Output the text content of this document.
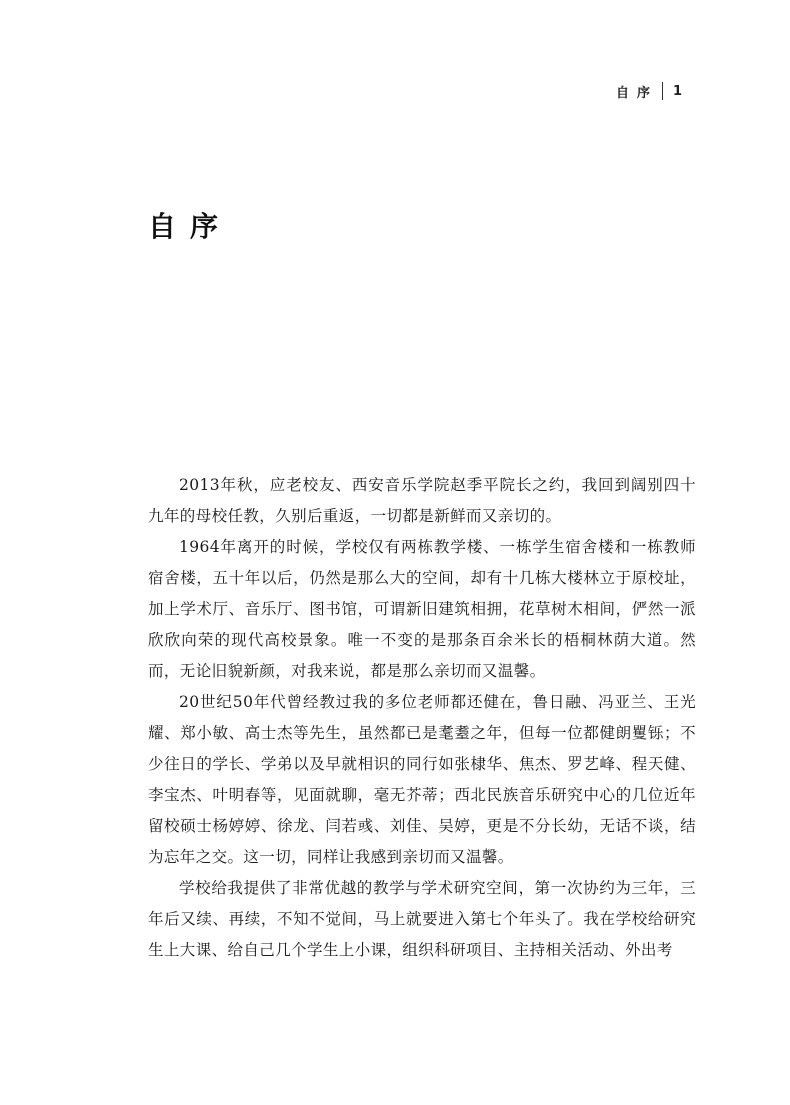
自序 1
自序

2013年秋，应老校友、西安音乐学院赵季平院长之约，我回到阔别四十九年的母校任教，久别后重返，一切都是新鲜而又亲切的。

1964年离开的时候，学校仅有两栋教学楼、一栋学生宿舍楼和一栋教师宿舍楼，五十年以后，仍然是那么大的空间，却有十几栋大楼林立于原校址，加上学术厅、音乐厅、图书馆，可谓新旧建筑相拥，花草树木相间，俨然一派欣欣向荣的现代高校景象。唯一不变的是那条百余米长的梧桐林荫大道。然而，无论旧貌新颜，对我来说，都是那么亲切而又温馨。

20世纪50年代曾经教过我的多位老师都还健在，鲁日融、冯亚兰、王光耀、郑小敏、高士杰等先生，虽然都已是耄耋之年，但每一位都健朗矍铄；不少往日的学长、学弟以及早就相识的同行如张棣华、焦杰、罗艺峰、程天健、李宝杰、叶明春等，见面就聊，毫无芥蒂；西北民族音乐研究中心的几位近年留校硕士杨婷婷、徐龙、闫若彧、刘佳、吴婷，更是不分长幼，无话不谈，结为忘年之交。这一切，同样让我感到亲切而又温馨。

学校给我提供了非常优越的教学与学术研究空间，第一次协约为三年，三年后又续、再续，不知不觉间，马上就要进入第七个年头了。我在学校给研究生上大课、给自己几个学生上小课，组织科研项目、主持相关活动、外出考
